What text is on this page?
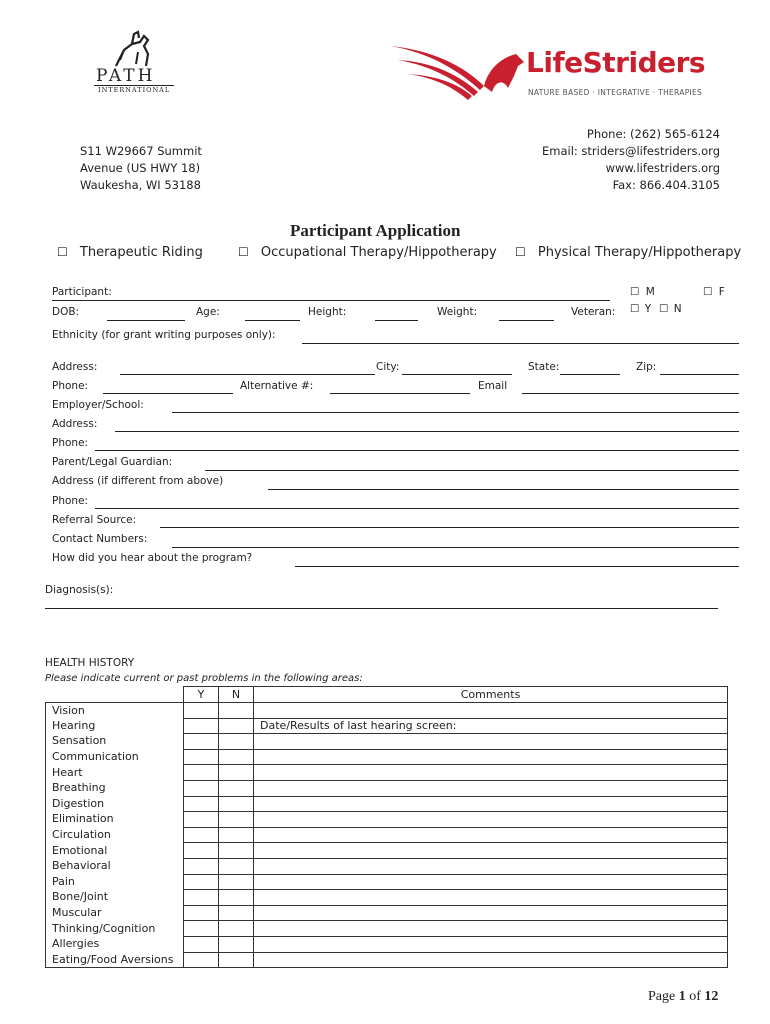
PATH
INTERNATIONAL
LifeStriders
NATURE BASED · INTEGRATIVE · THERAPIES
S11 W29667 Summit
Avenue (US HWY 18)
Waukesha, WI 53188
Phone: (262) 565-6124
Email: striders@lifestriders.org
www.lifestriders.org
Fax: 866.404.3105
Participant Application
☐ Therapeutic Riding	☐ Occupational Therapy/Hippotherapy ☐ Physical Therapy/Hippotherapy
Participant:	☐ M	☐ F
DOB:	Age:	Height:	Weight:	Veteran: ☐ Y ☐ N
Ethnicity (for grant writing purposes only):
Address:	City:	State:	Zip:
Phone:	Alternative #:	Email
Employer/School:
Address:
Phone:
Parent/Legal Guardian:
Address (if different from above)
Phone:
Referral Source:
Contact Numbers:
How did you hear about the program?
Diagnosis(s):
HEALTH HISTORY
Please indicate current or past problems in the following areas:
	Y	N	Comments
Vision			
Hearing			Date/Results of last hearing screen:
Sensation			
Communication			
Heart			
Breathing			
Digestion			
Elimination			
Circulation			
Emotional			
Behavioral			
Pain			
Bone/Joint			
Muscular			
Thinking/Cognition			
Allergies			
Eating/Food Aversions			
Page 1 of 12
